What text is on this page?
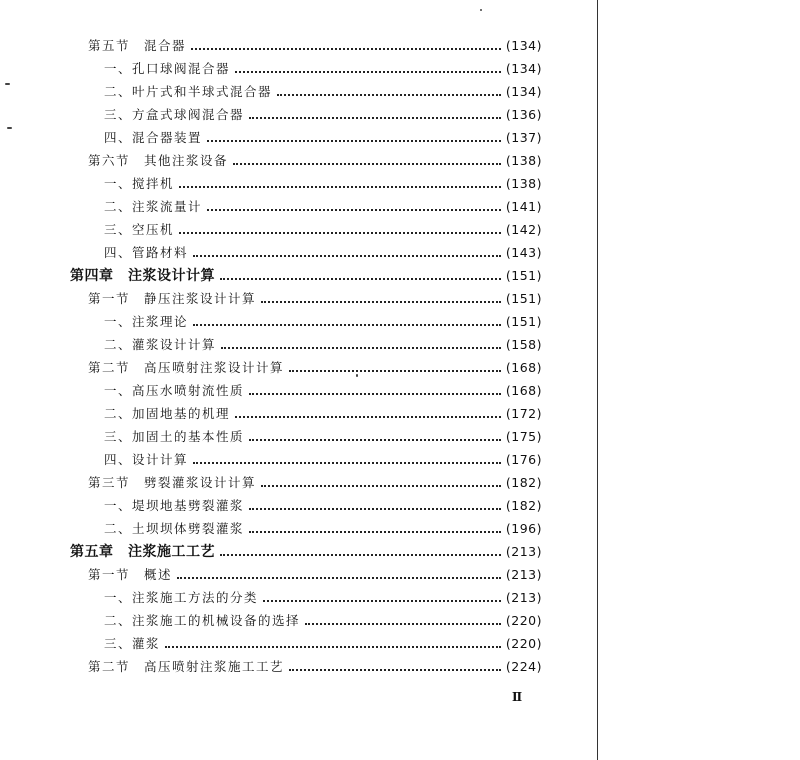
第五节　混合器	(134)
一、孔口球阀混合器	(134)
二、叶片式和半球式混合器	(134)
三、方盒式球阀混合器	(136)
四、混合器装置	(137)
第六节　其他注浆设备	(138)
一、搅拌机	(138)
二、注浆流量计	(141)
三、空压机	(142)
四、管路材料	(143)
第四章　注浆设计计算	(151)
第一节　静压注浆设计计算	(151)
一、注浆理论	(151)
二、灌浆设计计算	(158)
第二节　高压喷射注浆设计计算	(168)
一、高压水喷射流性质	(168)
二、加固地基的机理	(172)
三、加固土的基本性质	(175)
四、设计计算	(176)
第三节　劈裂灌浆设计计算	(182)
一、堤坝地基劈裂灌浆	(182)
二、土坝坝体劈裂灌浆	(196)
第五章　注浆施工工艺	(213)
第一节　概述	(213)
一、注浆施工方法的分类	(213)
二、注浆施工的机械设备的选择	(220)
三、灌浆	(220)
第二节　高压喷射注浆施工工艺	(224)
Ⅱ
